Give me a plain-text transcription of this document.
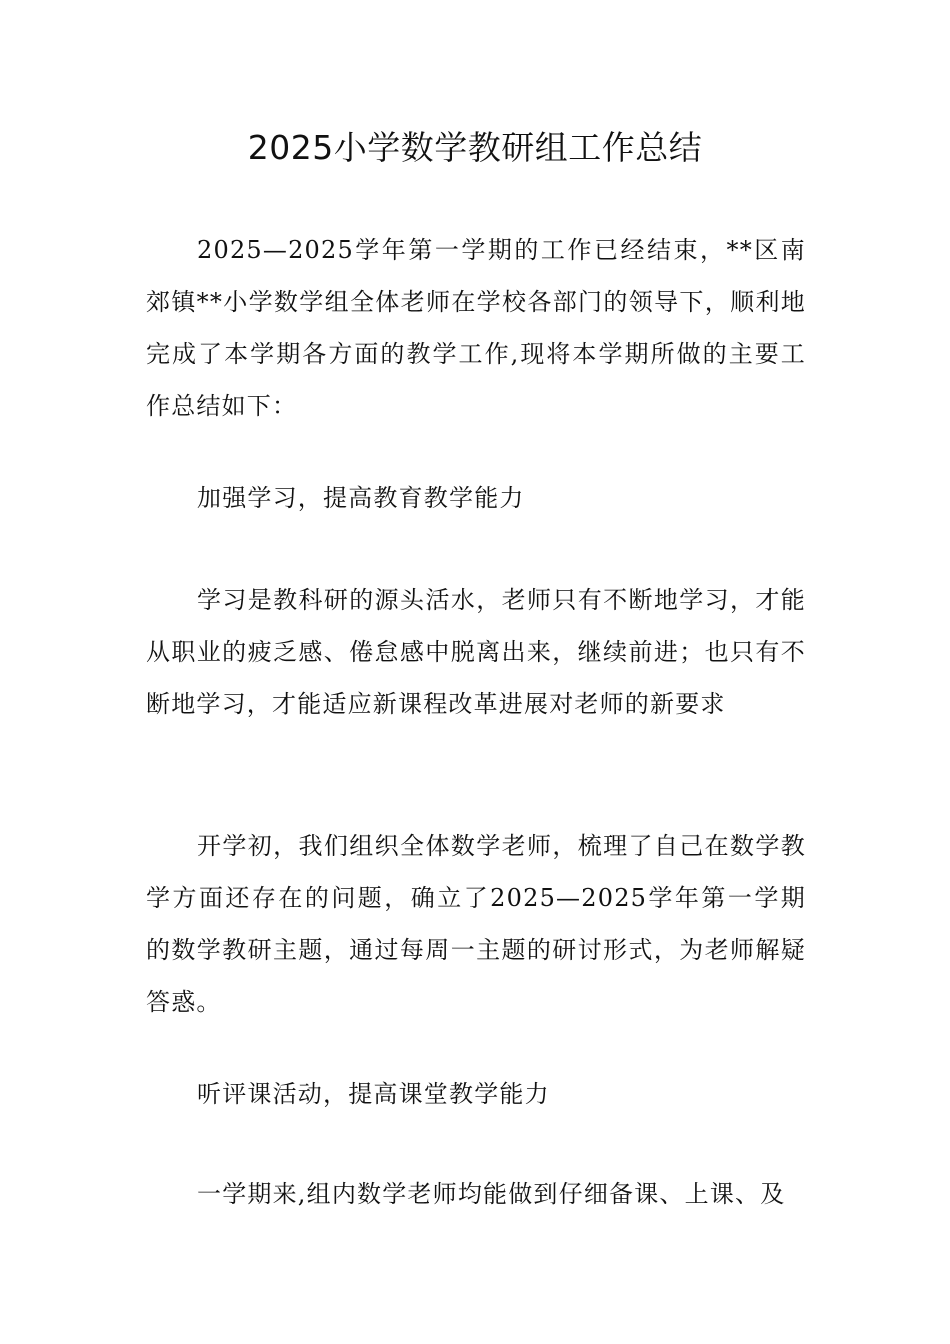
2025小学数学教研组工作总结

2025—2025学年第一学期的工作已经结束，**区南郊镇**小学数学组全体老师在学校各部门的领导下，顺利地完成了本学期各方面的教学工作,现将本学期所做的主要工作总结如下：

加强学习，提高教育教学能力

学习是教科研的源头活水，老师只有不断地学习，才能从职业的疲乏感、倦怠感中脱离出来，继续前进；也只有不断地学习，才能适应新课程改革进展对老师的新要求

开学初，我们组织全体数学老师，梳理了自己在数学教学方面还存在的问题，确立了2025—2025学年第一学期的数学教研主题，通过每周一主题的研讨形式，为老师解疑答惑。

听评课活动，提高课堂教学能力

一学期来,组内数学老师均能做到仔细备课、上课、及
